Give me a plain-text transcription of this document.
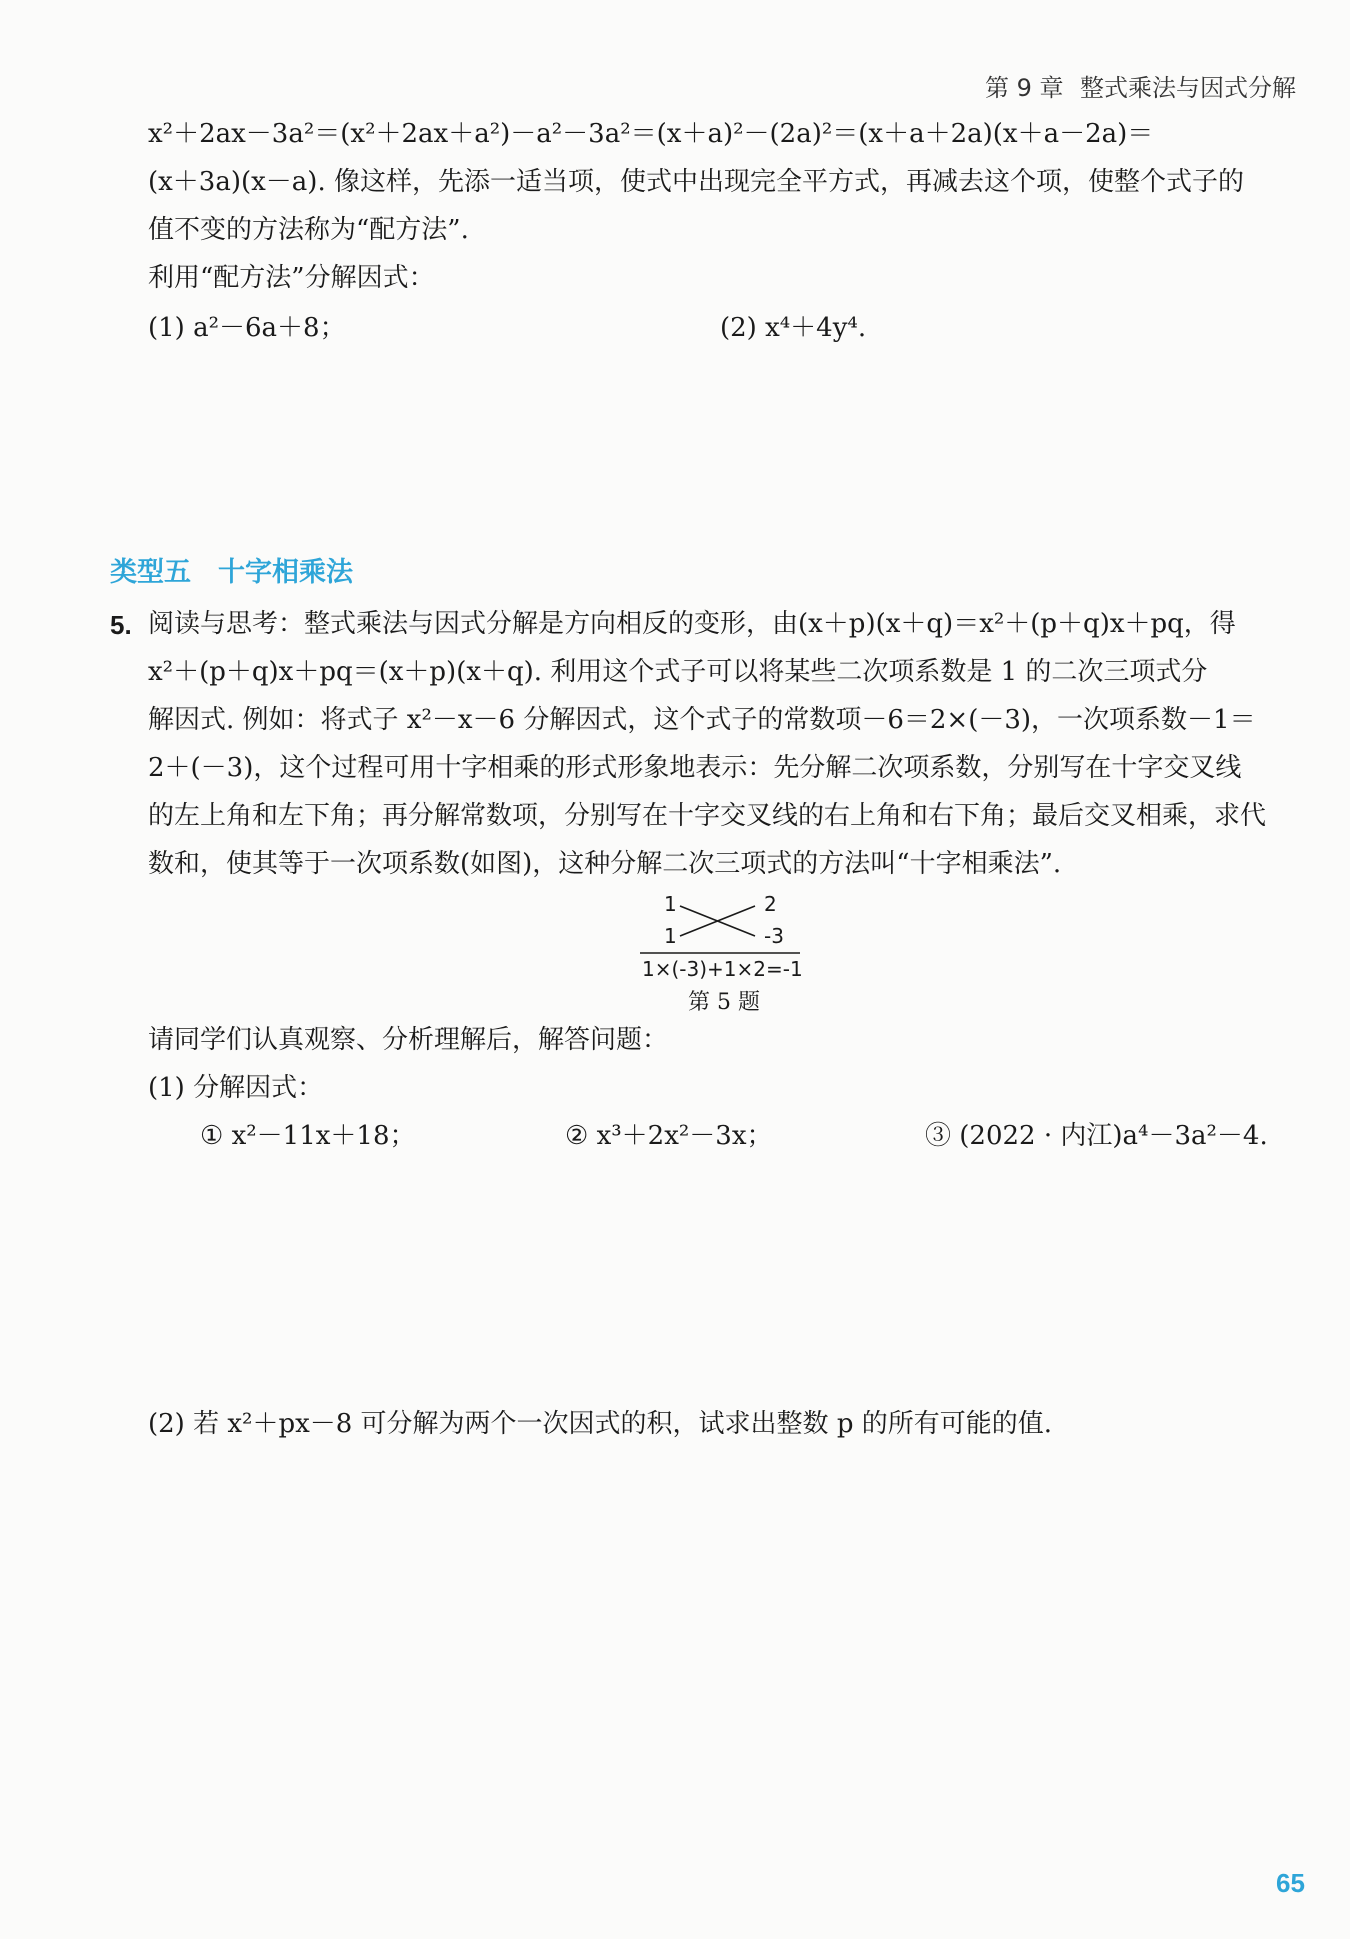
第 9 章 整式乘法与因式分解
x²＋2ax－3a²＝(x²＋2ax＋a²)－a²－3a²＝(x＋a)²－(2a)²＝(x＋a＋2a)(x＋a－2a)＝
(x＋3a)(x－a). 像这样，先添一适当项，使式中出现完全平方式，再减去这个项，使整个式子的
值不变的方法称为“配方法”.
利用“配方法”分解因式：
(1) a²－6a＋8；	(2) x⁴＋4y⁴.
类型五　十字相乘法
5. 阅读与思考：整式乘法与因式分解是方向相反的变形，由(x＋p)(x＋q)＝x²＋(p＋q)x＋pq，得
x²＋(p＋q)x＋pq＝(x＋p)(x＋q). 利用这个式子可以将某些二次项系数是 1 的二次三项式分
解因式. 例如：将式子 x²－x－6 分解因式，这个式子的常数项－6＝2×(－3)，一次项系数－1＝
2＋(－3)，这个过程可用十字相乘的形式形象地表示：先分解二次项系数，分别写在十字交叉线
的左上角和左下角；再分解常数项，分别写在十字交叉线的右上角和右下角；最后交叉相乘，求代
数和，使其等于一次项系数(如图)，这种分解二次三项式的方法叫“十字相乘法”.
1	2
1	-3
1×(-3)+1×2=-1
第 5 题
请同学们认真观察、分析理解后，解答问题：
(1) 分解因式：
① x²－11x＋18；	② x³＋2x²－3x；	③ (2022 · 内江)a⁴－3a²－4.
(2) 若 x²＋px－8 可分解为两个一次因式的积，试求出整数 p 的所有可能的值.
65
